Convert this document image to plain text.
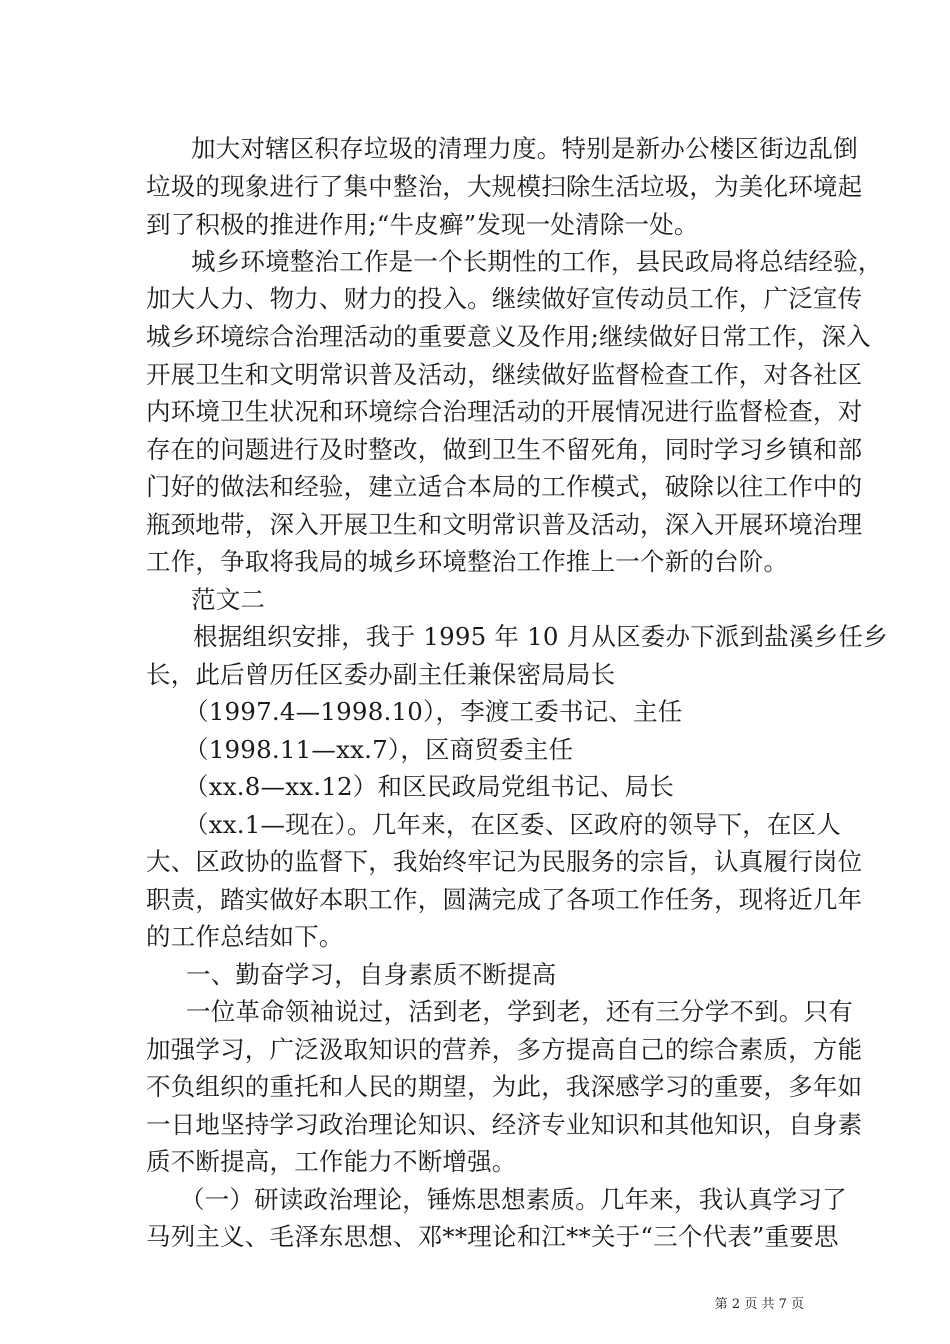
加大对辖区积存垃圾的清理力度。特别是新办公楼区街边乱倒
垃圾的现象进行了集中整治，大规模扫除生活垃圾，为美化环境起
到了积极的推进作用;“牛皮癣”发现一处清除一处。
城乡环境整治工作是一个长期性的工作，县民政局将总结经验，
加大人力、物力、财力的投入。继续做好宣传动员工作，广泛宣传
城乡环境综合治理活动的重要意义及作用;继续做好日常工作，深入
开展卫生和文明常识普及活动，继续做好监督检查工作，对各社区
内环境卫生状况和环境综合治理活动的开展情况进行监督检查，对
存在的问题进行及时整改，做到卫生不留死角，同时学习乡镇和部
门好的做法和经验，建立适合本局的工作模式，破除以往工作中的
瓶颈地带，深入开展卫生和文明常识普及活动，深入开展环境治理
工作，争取将我局的城乡环境整治工作推上一个新的台阶。
范文二
根据组织安排，我于 1995 年 10 月从区委办下派到盐溪乡任乡
长，此后曾历任区委办副主任兼保密局局长
（1997.4—1998.10），李渡工委书记、主任
（1998.11—xx.7），区商贸委主任
（xx.8—xx.12）和区民政局党组书记、局长
（xx.1—现在）。几年来，在区委、区政府的领导下，在区人
大、区政协的监督下，我始终牢记为民服务的宗旨，认真履行岗位
职责，踏实做好本职工作，圆满完成了各项工作任务，现将近几年
的工作总结如下。
一、勤奋学习，自身素质不断提高
一位革命领袖说过，活到老，学到老，还有三分学不到。只有
加强学习，广泛汲取知识的营养，多方提高自己的综合素质，方能
不负组织的重托和人民的期望，为此，我深感学习的重要，多年如
一日地坚持学习政治理论知识、经济专业知识和其他知识，自身素
质不断提高，工作能力不断增强。
（一）研读政治理论，锤炼思想素质。几年来，我认真学习了
马列主义、毛泽东思想、邓**理论和江**关于“三个代表”重要思
第 2 页 共 7 页
